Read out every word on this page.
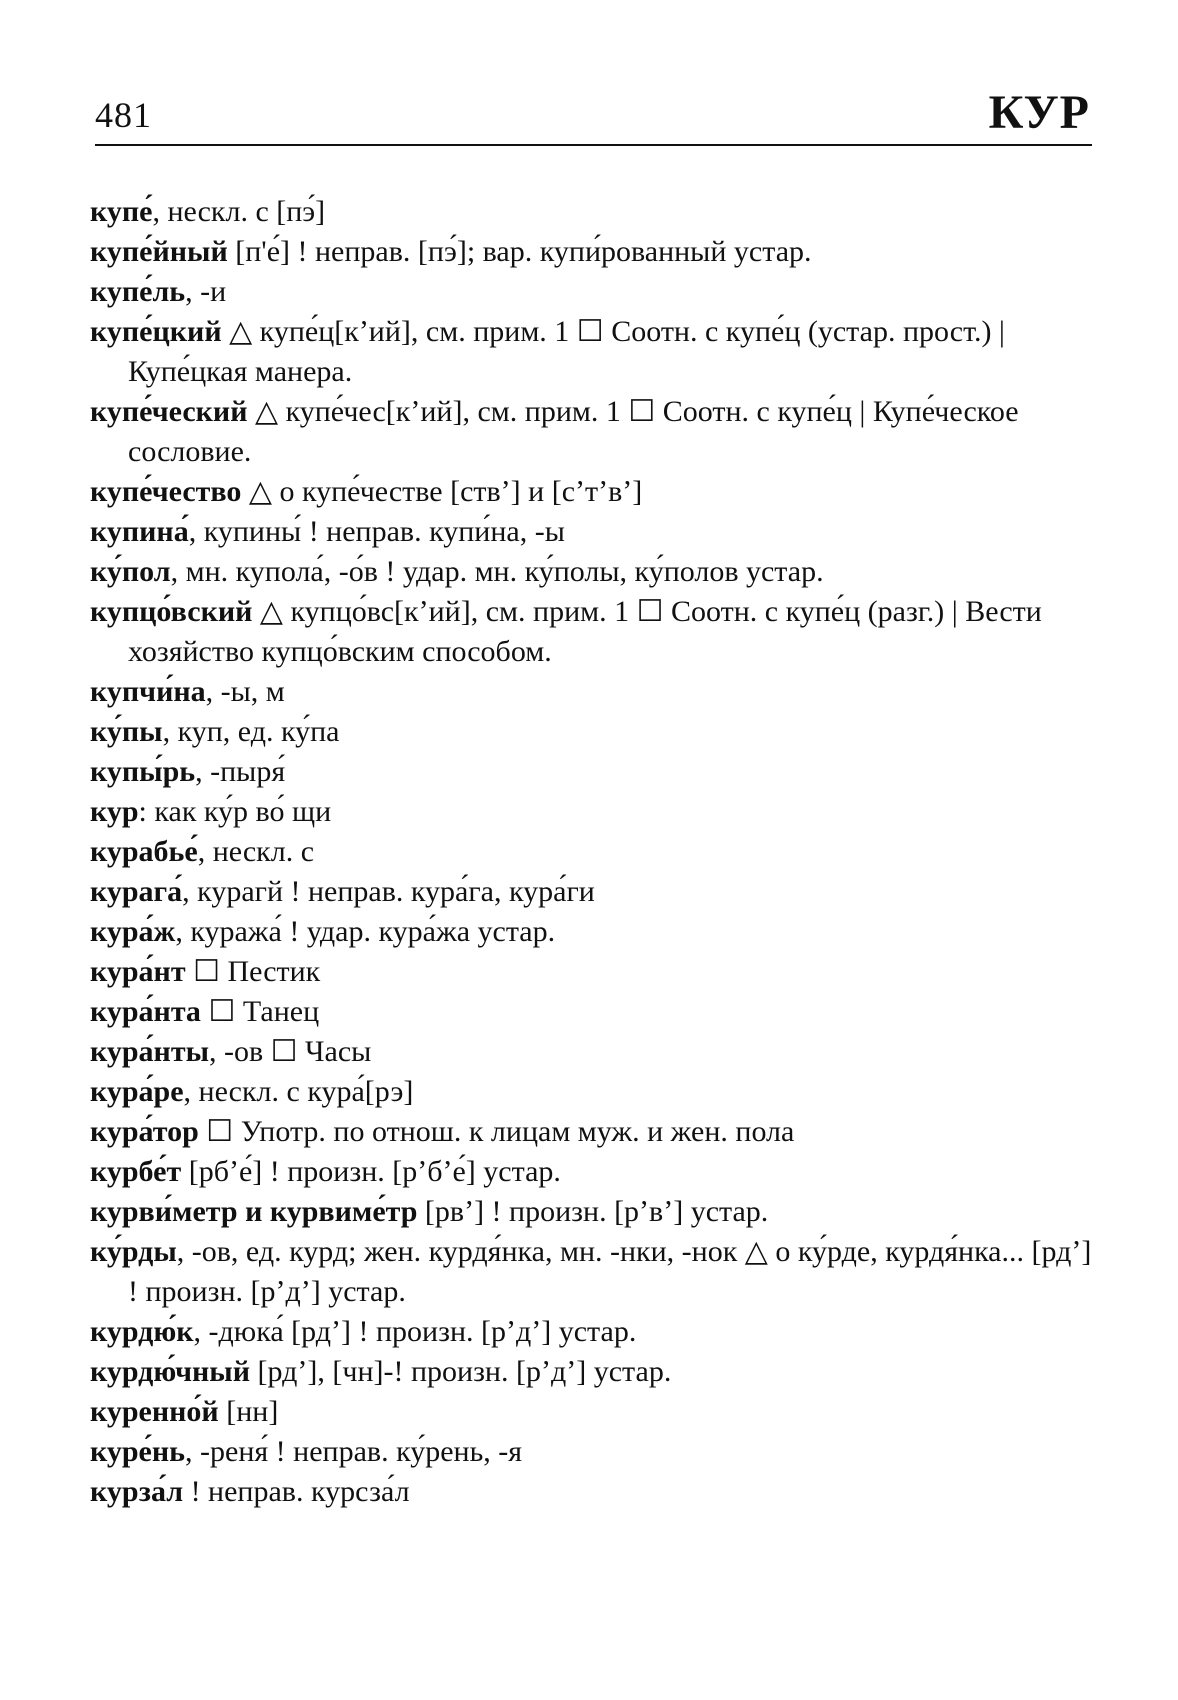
481	КУР
купе́, нескл. с [пэ́]
купе́йный [п'е́] ! неправ. [пэ́]; вар. купи́рованный устар.
купе́ль, -и
купе́цкий △ купе́ц[кʼий], см. прим. 1 ☐ Соотн. с купе́ц (устар. прост.) | Купе́цкая манера.
купе́ческий △ купе́чес[кʼий], см. прим. 1 ☐ Соотн. с купе́ц | Купе́ческое сословие.
купе́чество △ о купе́честве [ствʼ] и [сʼтʼвʼ]
купина́, купины́ ! неправ. купи́на, -ы
ку́пол, мн. купола́, -о́в ! удар. мн. ку́полы, ку́полов устар.
купцо́вский △ купцо́вс[кʼий], см. прим. 1 ☐ Соотн. с купе́ц (разг.) | Вести хозяйство купцо́вским способом.
купчи́на, -ы, м
ку́пы, куп, ед. ку́па
купы́рь, -пыря́
кур: как ку́р во́ щи
курабье́, нескл. с
курага́, курагй ! неправ. кура́га, кура́ги
кура́ж, куража́ ! удар. кура́жа устар.
кура́нт ☐ Пестик
кура́нта ☐ Танец
кура́нты, -ов ☐ Часы
кура́ре, нескл. с кура́[рэ]
кура́тор ☐ Употр. по отнош. к лицам муж. и жен. пола
курбе́т [рбʼе́] ! произн. [рʼбʼе́] устар.
курви́метр и курвиме́тр [рвʼ] ! произн. [рʼвʼ] устар.
ку́рды, -ов, ед. курд; жен. курдя́нка, мн. -нки, -нок △ о ку́рде, курдя́нка... [рдʼ] ! произн. [рʼдʼ] устар.
курдю́к, -дюка́ [рдʼ] ! произн. [рʼдʼ] устар.
курдю́чный [рдʼ], [чн]-! произн. [рʼдʼ] устар.
куренно́й [нн]
куре́нь, -реня́ ! неправ. ку́рень, -я
курза́л ! неправ. курсза́л
